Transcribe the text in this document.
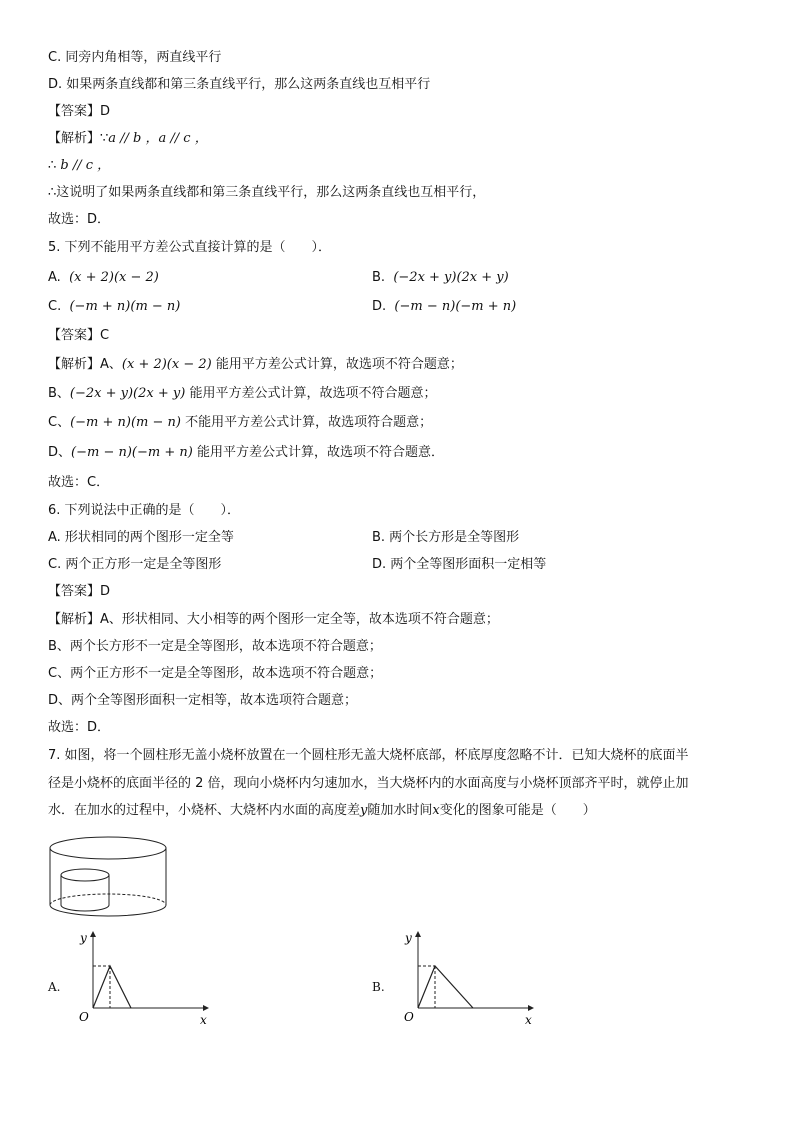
C. 同旁内角相等，两直线平行
D. 如果两条直线都和第三条直线平行，那么这两条直线也互相平行
【答案】D
【解析】∵a // b ，a // c ，
∴ b // c ，
∴这说明了如果两条直线都和第三条直线平行，那么这两条直线也互相平行，
故选：D．
5. 下列不能用平方差公式直接计算的是（　　）．
A. (x + 2)(x − 2)	B. (−2x + y)(2x + y)
C. (−m + n)(m − n)	D. (−m − n)(−m + n)
【答案】C
【解析】A、(x + 2)(x − 2) 能用平方差公式计算，故选项不符合题意；
B、(−2x + y)(2x + y) 能用平方差公式计算，故选项不符合题意；
C、(−m + n)(m − n) 不能用平方差公式计算，故选项符合题意；
D、(−m − n)(−m + n) 能用平方差公式计算，故选项不符合题意．
故选：C．
6. 下列说法中正确的是（　　）．
A. 形状相同的两个图形一定全等	B. 两个长方形是全等图形
C. 两个正方形一定是全等图形	D. 两个全等图形面积一定相等
【答案】D
【解析】A、形状相同、大小相等的两个图形一定全等，故本选项不符合题意；
B、两个长方形不一定是全等图形，故本选项不符合题意；
C、两个正方形不一定是全等图形，故本选项不符合题意；
D、两个全等图形面积一定相等，故本选项符合题意；
故选：D．
7. 如图，将一个圆柱形无盖小烧杯放置在一个圆柱形无盖大烧杯底部，杯底厚度忽略不计．已知大烧杯的底面半
径是小烧杯的底面半径的 2 倍，现向小烧杯内匀速加水，当大烧杯内的水面高度与小烧杯顶部齐平时，就停止加
水．在加水的过程中，小烧杯、大烧杯内水面的高度差y随加水时间x变化的图象可能是（　　）
A.
y
x
O
B.
y
x
O
